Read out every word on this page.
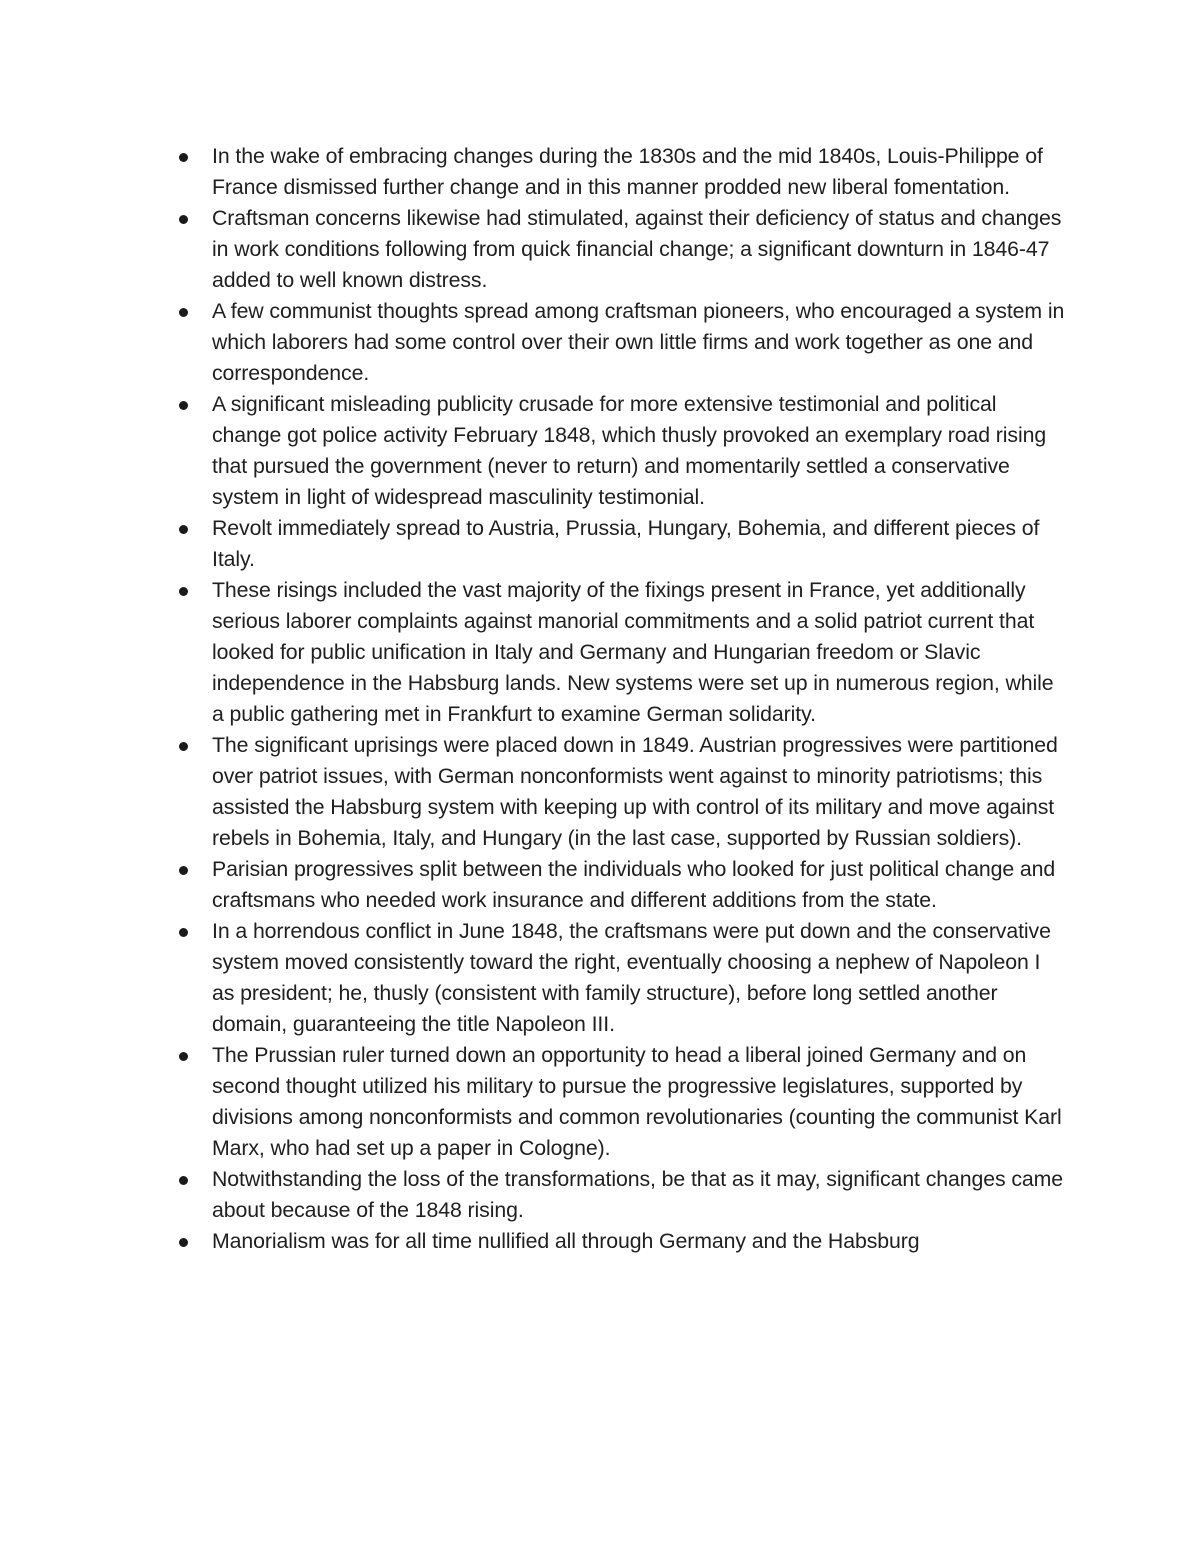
In the wake of embracing changes during the 1830s and the mid 1840s, Louis-Philippe of France dismissed further change and in this manner prodded new liberal fomentation.
Craftsman concerns likewise had stimulated, against their deficiency of status and changes in work conditions following from quick financial change; a significant downturn in 1846-47 added to well known distress.
A few communist thoughts spread among craftsman pioneers, who encouraged a system in which laborers had some control over their own little firms and work together as one and correspondence.
A significant misleading publicity crusade for more extensive testimonial and political change got police activity February 1848, which thusly provoked an exemplary road rising that pursued the government (never to return) and momentarily settled a conservative system in light of widespread masculinity testimonial.
Revolt immediately spread to Austria, Prussia, Hungary, Bohemia, and different pieces of Italy.
These risings included the vast majority of the fixings present in France, yet additionally serious laborer complaints against manorial commitments and a solid patriot current that looked for public unification in Italy and Germany and Hungarian freedom or Slavic independence in the Habsburg lands. New systems were set up in numerous region, while a public gathering met in Frankfurt to examine German solidarity.
The significant uprisings were placed down in 1849. Austrian progressives were partitioned over patriot issues, with German nonconformists went against to minority patriotisms; this assisted the Habsburg system with keeping up with control of its military and move against rebels in Bohemia, Italy, and Hungary (in the last case, supported by Russian soldiers).
Parisian progressives split between the individuals who looked for just political change and craftsmans who needed work insurance and different additions from the state.
In a horrendous conflict in June 1848, the craftsmans were put down and the conservative system moved consistently toward the right, eventually choosing a nephew of Napoleon I as president; he, thusly (consistent with family structure), before long settled another domain, guaranteeing the title Napoleon III.
The Prussian ruler turned down an opportunity to head a liberal joined Germany and on second thought utilized his military to pursue the progressive legislatures, supported by divisions among nonconformists and common revolutionaries (counting the communist Karl Marx, who had set up a paper in Cologne).
Notwithstanding the loss of the transformations, be that as it may, significant changes came about because of the 1848 rising.
Manorialism was for all time nullified all through Germany and the Habsburg
